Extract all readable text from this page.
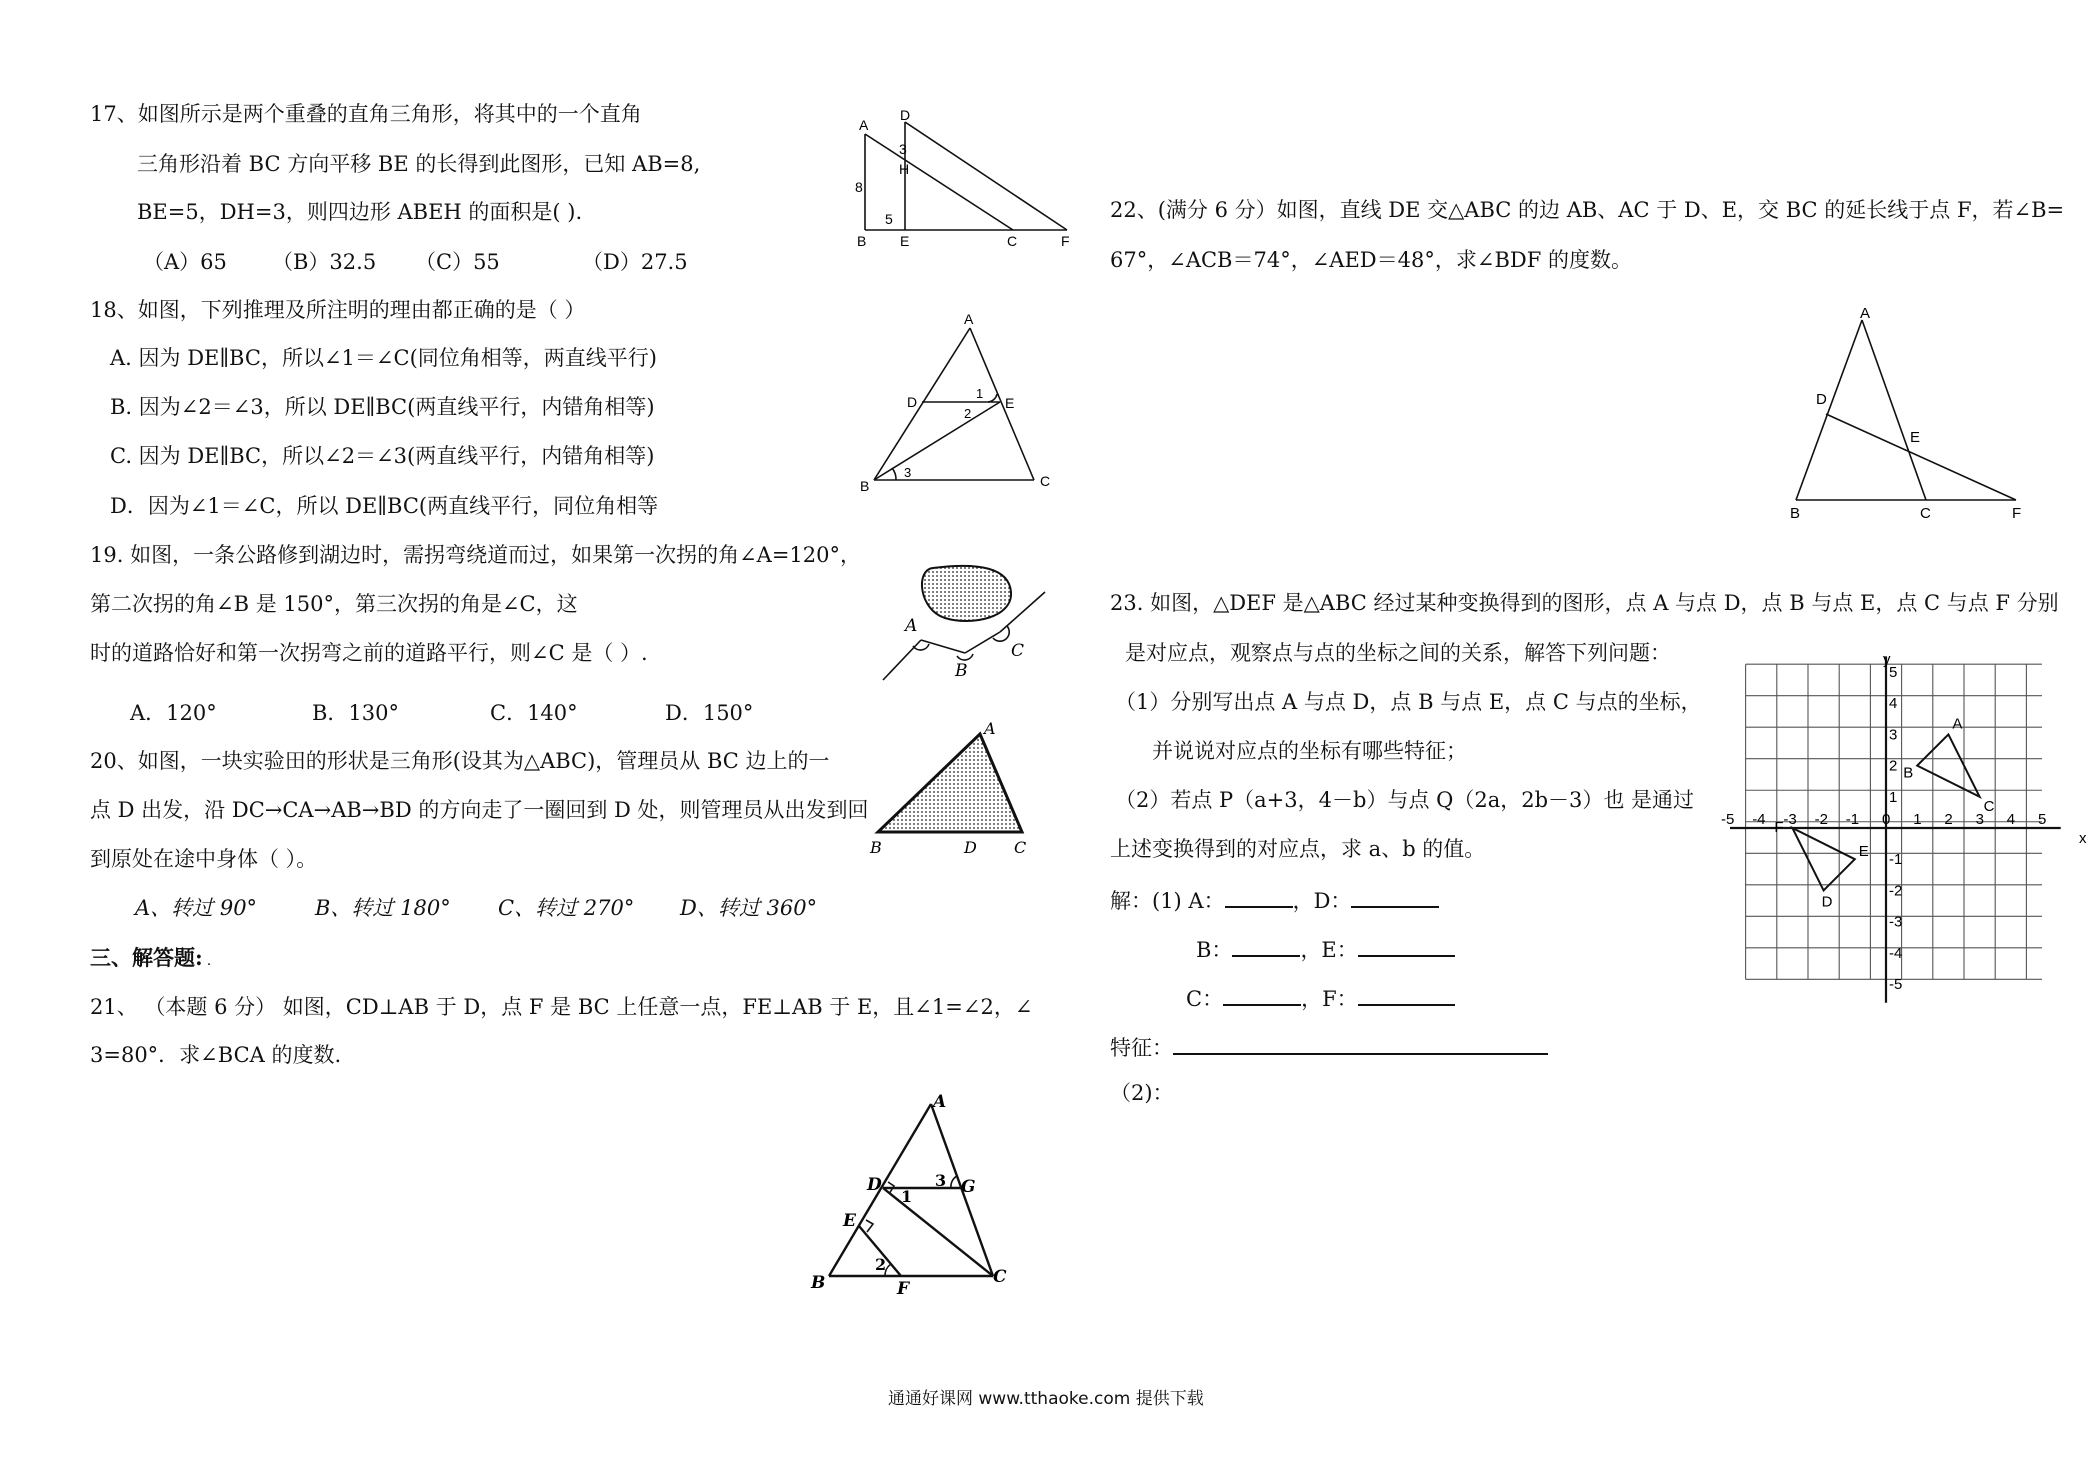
17、如图所示是两个重叠的直角三角形，将其中的一个直角
三角形沿着 BC 方向平移 BE 的长得到此图形，已知 AB=8,
BE=5，DH=3，则四边形 ABEH 的面积是( ).
（A）65 （B）32.5 （C）55	（D）27.5
A
D
3
H
8
5
B E	C	F
18、如图，下列推理及所注明的理由都正确的是（ ）
A. 因为 DE∥BC，所以∠1＝∠C(同位角相等，两直线平行)
B. 因为∠2＝∠3，所以 DE∥BC(两直线平行，内错角相等)
C. 因为 DE∥BC，所以∠2＝∠3(两直线平行，内错角相等)
D．因为∠1＝∠C，所以 DE∥BC(两直线平行，同位角相等
A
D
1
E
2
B
3
C
19. 如图，一条公路修到湖边时，需拐弯绕道而过，如果第一次拐的角∠A=120°，
第二次拐的角∠B 是 150°，第三次拐的角是∠C，这
时的道路恰好和第一次拐弯之前的道路平行，则∠C 是（ ）.
A．120°	B．130°	C．140°	D．150°
A
B
C
20、如图，一块实验田的形状是三角形(设其为△ABC)，管理员从 BC 边上的一
点 D 出发，沿 DC→CA→AB→BD 的方向走了一圈回到 D 处，则管理员从出发到回
到原处在途中身体（ ）。
A、转过 90°	B、转过 180° C、转过 270° D、转过 360°
A
B	D C
三、解答题: .
21、 （本题 6 分） 如图，CD⊥AB 于 D，点 F 是 BC 上任意一点，FE⊥AB 于 E，且∠1=∠2，∠
3=80°．求∠BCA 的度数.
A
D	3 G
1
E
2
B	F
C
22、(满分 6 分）如图，直线 DE 交△ABC 的边 AB、AC 于 D、E，交 BC 的延长线于点 F，若∠B=
67°，∠ACB＝74°，∠AED＝48°，求∠BDF 的度数。
A
D
E
B	C	F
23. 如图，△DEF 是△ABC 经过某种变换得到的图形，点 A 与点 D，点 B 与点 E，点 C 与点 F 分别
是对应点，观察点与点的坐标之间的关系，解答下列问题：
（1）分别写出点 A 与点 D，点 B 与点 E，点 C 与点的坐标，
并说说对应点的坐标有哪些特征；
（2）若点 P（a+3，4－b）与点 Q（2a，2b－3）也 是通过
上述变换得到的对应点，求 a、b 的值。
解：(1) A：	，D：
B：	，E：
C：	，F：
特征：
（2)：
-5 -4 -3 -2 -1 0 1 2 3 4 5
5
4
3
2
1
-1
-2
-3
-4
-5
A
B
C
D
E
F
x
y
通通好课网 www.tthaoke.com 提供下载
